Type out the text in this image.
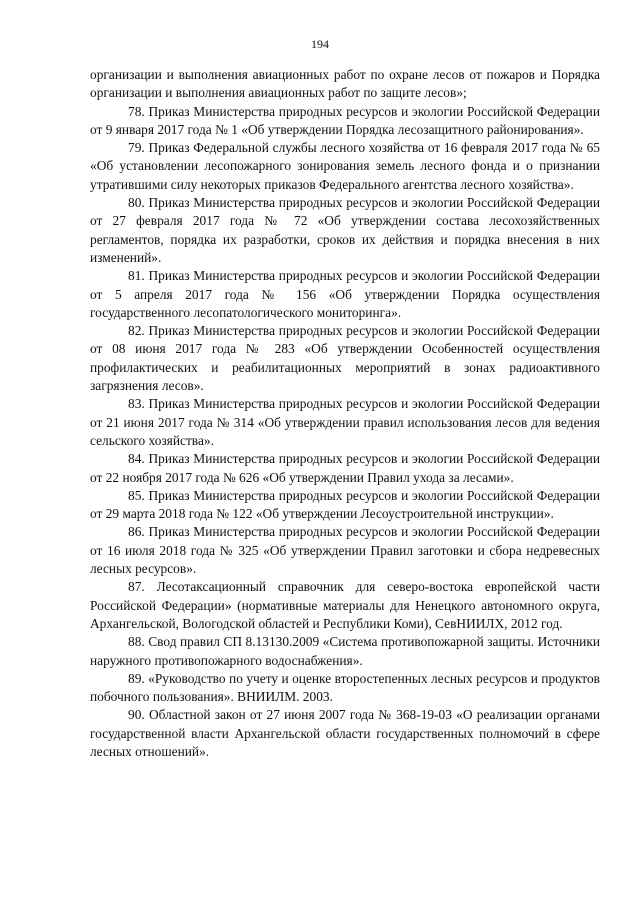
194

организации и выполнения авиационных работ по охране лесов от пожаров и Порядка организации и выполнения авиационных работ по защите лесов»;

78. Приказ Министерства природных ресурсов и экологии Российской Федерации от 9 января 2017 года № 1 «Об утверждении Порядка лесозащитного районирования».

79. Приказ Федеральной службы лесного хозяйства от 16 февраля 2017 года № 65 «Об установлении лесопожарного зонирования земель лесного фонда и о признании утратившими силу некоторых приказов Федерального агентства лесного хозяйства».

80. Приказ Министерства природных ресурсов и экологии Российской Федерации от 27 февраля 2017 года № 72 «Об утверждении состава лесохозяйственных регламентов, порядка их разработки, сроков их действия и порядка внесения в них изменений».

81. Приказ Министерства природных ресурсов и экологии Российской Федерации от 5 апреля 2017 года № 156 «Об утверждении Порядка осуществления государственного лесопатологического мониторинга».

82. Приказ Министерства природных ресурсов и экологии Российской Федерации от 08 июня 2017 года № 283 «Об утверждении Особенностей осуществления профилактических и реабилитационных мероприятий в зонах радиоактивного загрязнения лесов».

83. Приказ Министерства природных ресурсов и экологии Российской Федерации от 21 июня 2017 года № 314 «Об утверждении правил использования лесов для ведения сельского хозяйства».

84. Приказ Министерства природных ресурсов и экологии Российской Федерации от 22 ноября 2017 года № 626 «Об утверждении Правил ухода за лесами».

85. Приказ Министерства природных ресурсов и экологии Российской Федерации от 29 марта 2018 года № 122 «Об утверждении Лесоустроительной инструкции».

86. Приказ Министерства природных ресурсов и экологии Российской Федерации от 16 июля 2018 года № 325 «Об утверждении Правил заготовки и сбора недревесных лесных ресурсов».

87. Лесотаксационный справочник для северо-востока европейской части Российской Федерации» (нормативные материалы для Ненецкого автономного округа, Архангельской, Вологодской областей и Республики Коми), СевНИИЛХ, 2012 год.

88. Свод правил СП 8.13130.2009 «Система противопожарной защиты. Источники наружного противопожарного водоснабжения».

89. «Руководство по учету и оценке второстепенных лесных ресурсов и продуктов побочного пользования». ВНИИЛМ. 2003.

90. Областной закон от 27 июня 2007 года № 368-19-03 «О реализации органами государственной власти Архангельской области государственных полномочий в сфере лесных отношений».
